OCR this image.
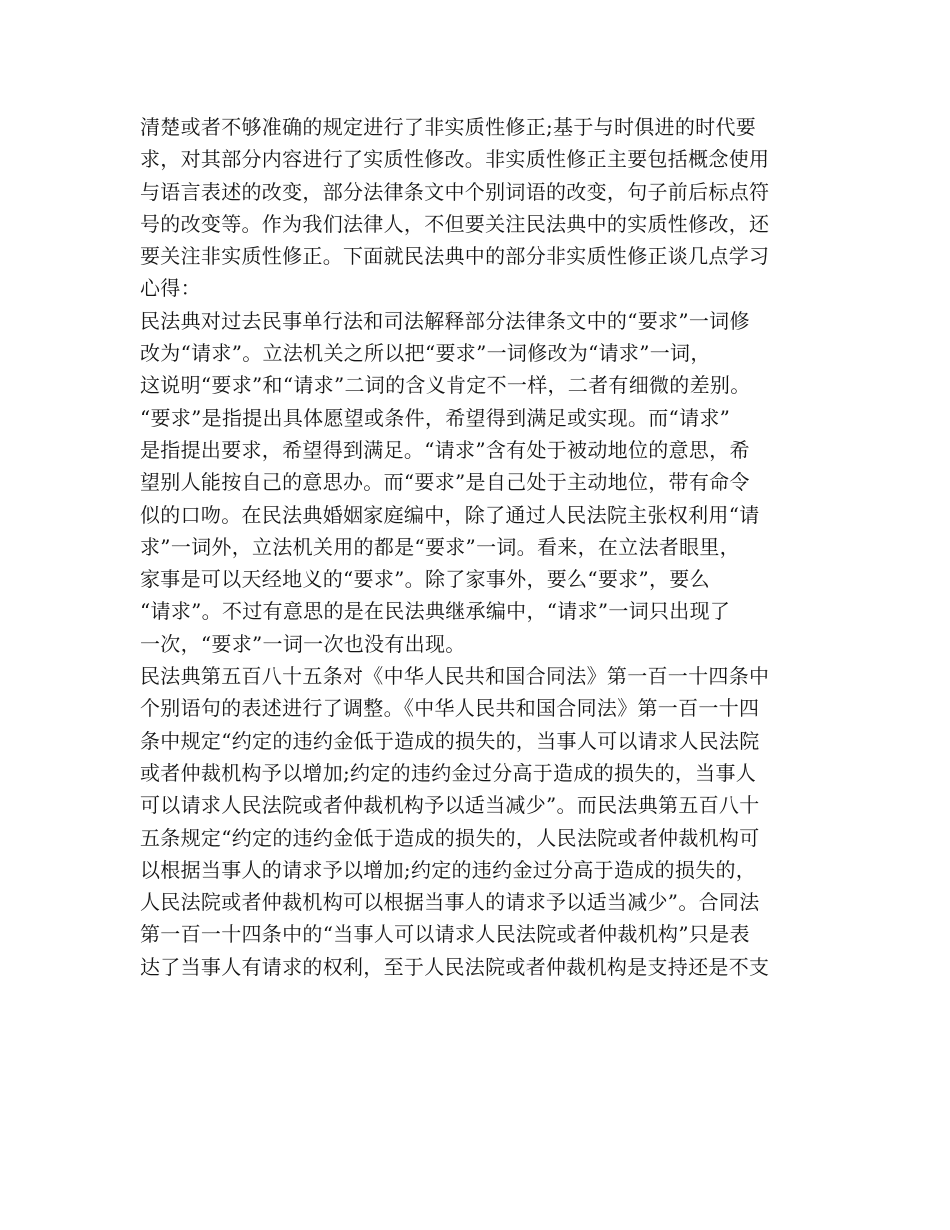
清楚或者不够准确的规定进行了非实质性修正;基于与时俱进的时代要
求，对其部分内容进行了实质性修改。非实质性修正主要包括概念使用
与语言表述的改变，部分法律条文中个别词语的改变，句子前后标点符
号的改变等。作为我们法律人，不但要关注民法典中的实质性修改，还
要关注非实质性修正。下面就民法典中的部分非实质性修正谈几点学习
心得：
民法典对过去民事单行法和司法解释部分法律条文中的“要求”一词修
改为“请求”。立法机关之所以把“要求”一词修改为“请求”一词，
这说明“要求”和“请求”二词的含义肯定不一样，二者有细微的差别。
“要求”是指提出具体愿望或条件，希望得到满足或实现。而“请求”
是指提出要求，希望得到满足。“请求”含有处于被动地位的意思，希
望别人能按自己的意思办。而“要求”是自己处于主动地位，带有命令
似的口吻。在民法典婚姻家庭编中，除了通过人民法院主张权利用“请
求”一词外，立法机关用的都是“要求”一词。看来，在立法者眼里，
家事是可以天经地义的“要求”。除了家事外，要么“要求”，要么
“请求”。不过有意思的是在民法典继承编中，“请求”一词只出现了
一次，“要求”一词一次也没有出现。
民法典第五百八十五条对《中华人民共和国合同法》第一百一十四条中
个别语句的表述进行了调整。《中华人民共和国合同法》第一百一十四
条中规定“约定的违约金低于造成的损失的，当事人可以请求人民法院
或者仲裁机构予以增加;约定的违约金过分高于造成的损失的，当事人
可以请求人民法院或者仲裁机构予以适当减少”。而民法典第五百八十
五条规定“约定的违约金低于造成的损失的，人民法院或者仲裁机构可
以根据当事人的请求予以增加;约定的违约金过分高于造成的损失的，
人民法院或者仲裁机构可以根据当事人的请求予以适当减少”。合同法
第一百一十四条中的“当事人可以请求人民法院或者仲裁机构”只是表
达了当事人有请求的权利，至于人民法院或者仲裁机构是支持还是不支
